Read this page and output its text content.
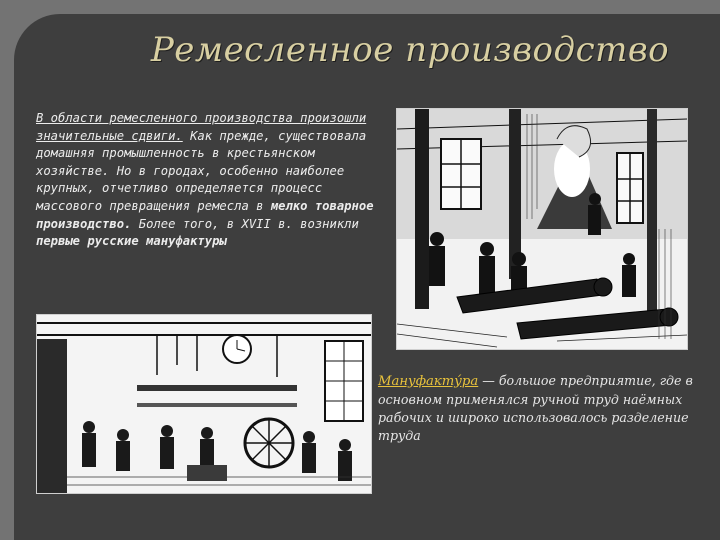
Ремесленное производство
В области ремесленного производства произошли значительные сдвиги. Как прежде, существовала домашняя промышленность в крестьянском хозяйстве. Но в городах, особенно наиболее крупных, отчетливо определяется процесс массового превращения ремесла в мелко товарное производство. Более того, в XVII в. возникли первые русские мануфактуры
Мануфакту́ра — большое предприятие, где в основном применялся ручной труд наёмных рабочих и широко использовалось разделение труда
